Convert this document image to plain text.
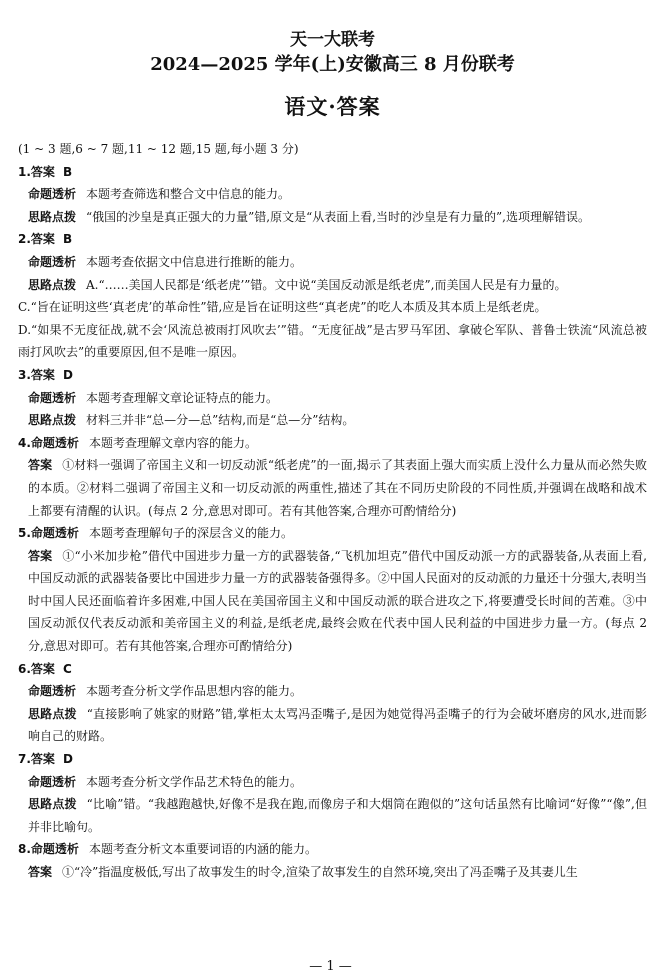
天一大联考
2024—2025 学年(上)安徽高三 8 月份联考
语文·答案
(1 ~ 3 题,6 ~ 7 题,11 ~ 12 题,15 题,每小题 3 分)
1.答案 B
命题透析 本题考查筛选和整合文中信息的能力。
思路点拨 “俄国的沙皇是真正强大的力量”错,原文是“从表面上看,当时的沙皇是有力量的”,选项理解错误。
2.答案 B
命题透析 本题考查依据文中信息进行推断的能力。
思路点拨 A.“……美国人民都是‘纸老虎’”错。文中说“美国反动派是纸老虎”,而美国人民是有力量的。
C.“旨在证明这些‘真老虎’的革命性”错,应是旨在证明这些“真老虎”的吃人本质及其本质上是纸老虎。
D.“如果不无度征战,就不会‘风流总被雨打风吹去’”错。“无度征战”是古罗马军团、拿破仑军队、普鲁士铁流“风流总被雨打风吹去”的重要原因,但不是唯一原因。
3.答案 D
命题透析 本题考查理解文章论证特点的能力。
思路点拨 材料三并非“总—分—总”结构,而是“总—分”结构。
4.命题透析 本题考查理解文章内容的能力。
答案 ①材料一强调了帝国主义和一切反动派“纸老虎”的一面,揭示了其表面上强大而实质上没什么力量从而必然失败的本质。②材料二强调了帝国主义和一切反动派的两重性,描述了其在不同历史阶段的不同性质,并强调在战略和战术上都要有清醒的认识。(每点 2 分,意思对即可。若有其他答案,合理亦可酌情给分)
5.命题透析 本题考查理解句子的深层含义的能力。
答案 ①“小米加步枪”借代中国进步力量一方的武器装备,“飞机加坦克”借代中国反动派一方的武器装备,从表面上看,中国反动派的武器装备要比中国进步力量一方的武器装备强得多。②中国人民面对的反动派的力量还十分强大,表明当时中国人民还面临着许多困难,中国人民在美国帝国主义和中国反动派的联合进攻之下,将要遭受长时间的苦难。③中国反动派仅代表反动派和美帝国主义的利益,是纸老虎,最终会败在代表中国人民利益的中国进步力量一方。(每点 2 分,意思对即可。若有其他答案,合理亦可酌情给分)
6.答案 C
命题透析 本题考查分析文学作品思想内容的能力。
思路点拨 “直接影响了姚家的财路”错,掌柜太太骂冯歪嘴子,是因为她觉得冯歪嘴子的行为会破坏磨房的风水,进而影响自己的财路。
7.答案 D
命题透析 本题考查分析文学作品艺术特色的能力。
思路点拨 “比喻”错。“我越跑越快,好像不是我在跑,而像房子和大烟筒在跑似的”这句话虽然有比喻词“好像”“像”,但并非比喻句。
8.命题透析 本题考查分析文本重要词语的内涵的能力。
答案 ①“冷”指温度极低,写出了故事发生的时令,渲染了故事发生的自然环境,突出了冯歪嘴子及其妻儿生
— 1 —
